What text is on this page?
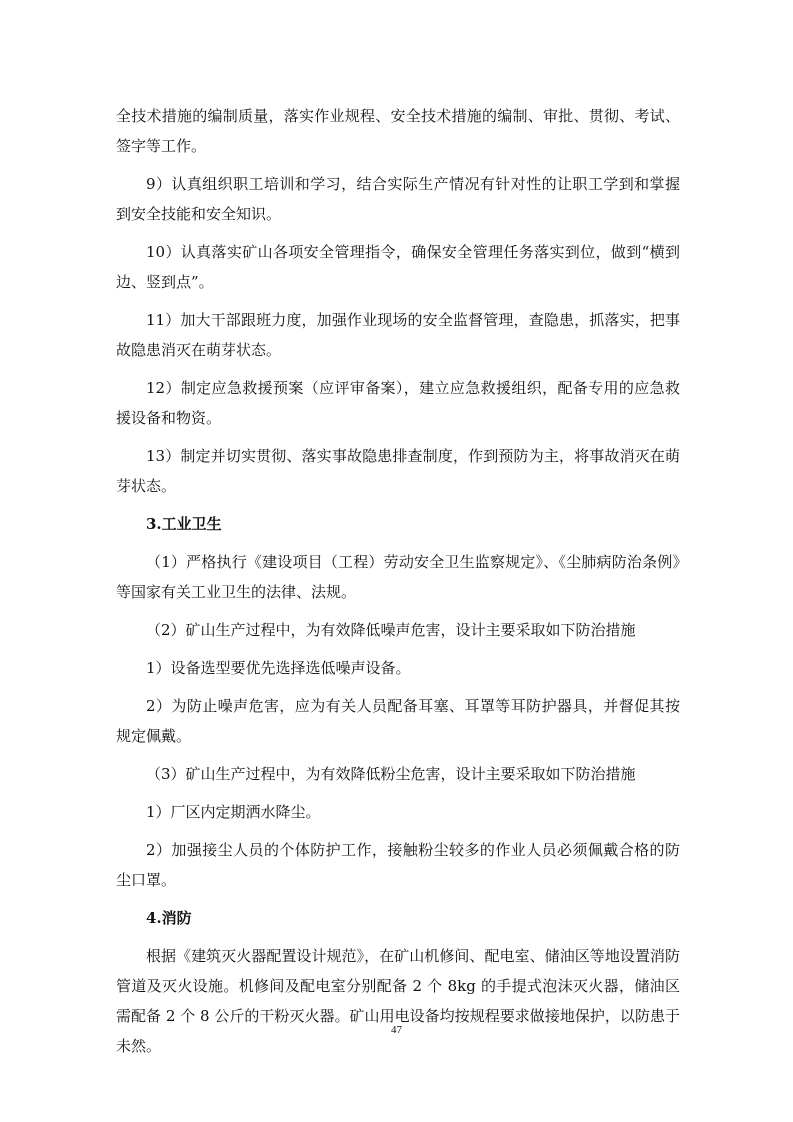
全技术措施的编制质量，落实作业规程、安全技术措施的编制、审批、贯彻、考试、签字等工作。
9）认真组织职工培训和学习，结合实际生产情况有针对性的让职工学到和掌握到安全技能和安全知识。
10）认真落实矿山各项安全管理指令，确保安全管理任务落实到位，做到“横到边、竖到点”。
11）加大干部跟班力度，加强作业现场的安全监督管理，查隐患，抓落实，把事故隐患消灭在萌芽状态。
12）制定应急救援预案（应评审备案），建立应急救援组织，配备专用的应急救援设备和物资。
13）制定并切实贯彻、落实事故隐患排查制度，作到预防为主，将事故消灭在萌芽状态。
3.工业卫生
（1）严格执行《建设项目（工程）劳动安全卫生监察规定》、《尘肺病防治条例》等国家有关工业卫生的法律、法规。
（2）矿山生产过程中，为有效降低噪声危害，设计主要采取如下防治措施
1）设备选型要优先选择选低噪声设备。
2）为防止噪声危害，应为有关人员配备耳塞、耳罩等耳防护器具，并督促其按规定佩戴。
（3）矿山生产过程中，为有效降低粉尘危害，设计主要采取如下防治措施
1）厂区内定期洒水降尘。
2）加强接尘人员的个体防护工作，接触粉尘较多的作业人员必须佩戴合格的防尘口罩。
4.消防
根据《建筑灭火器配置设计规范》，在矿山机修间、配电室、储油区等地设置消防管道及灭火设施。机修间及配电室分别配备 2 个 8kg 的手提式泡沫灭火器，储油区需配备 2 个 8 公斤的干粉灭火器。矿山用电设备均按规程要求做接地保护，以防患于未然。
47
